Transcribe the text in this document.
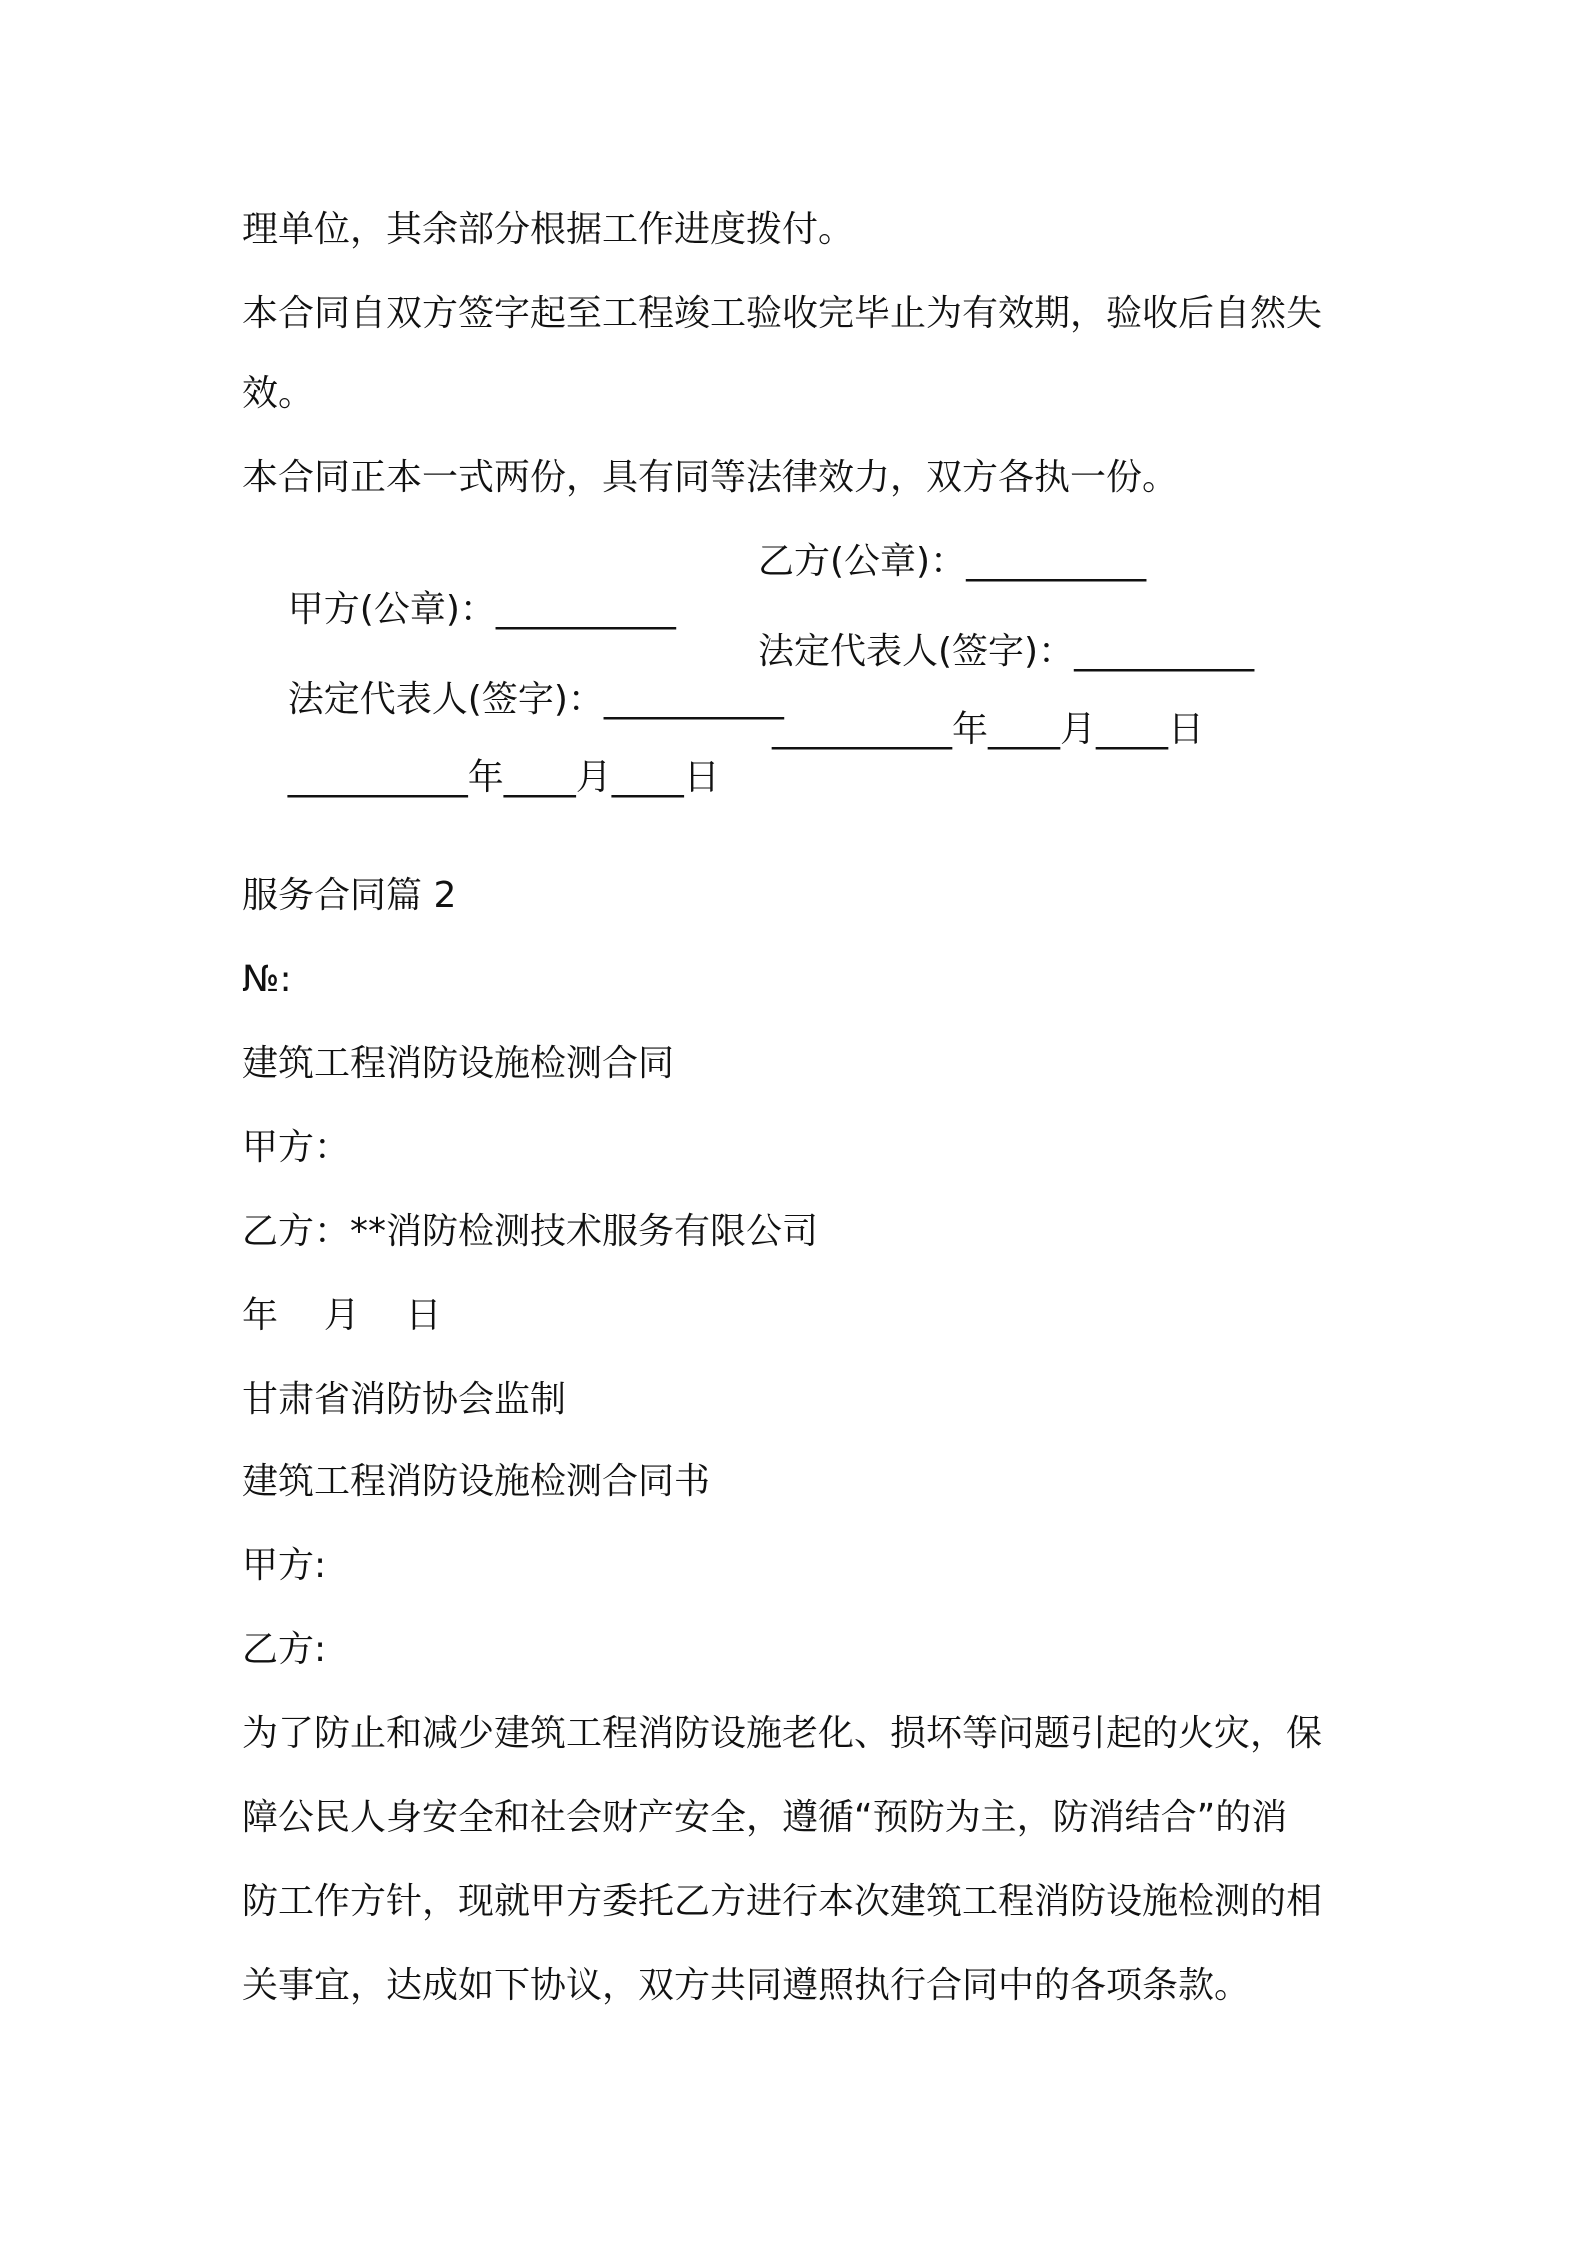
理单位，其余部分根据工作进度拨付。
本合同自双方签字起至工程竣工验收完毕止为有效期，验收后自然失
效。
本合同正本一式两份，具有同等法律效力，双方各执一份。

甲方(公章)：__________

乙方(公章)：__________

法定代表人(签字)：__________

法定代表人(签字)：__________

__________年____月____日

__________年____月____日

服务合同篇 2
№:
建筑工程消防设施检测合同
甲方：
乙方：**消防检测技术服务有限公司
年    月    日
甘肃省消防协会监制
建筑工程消防设施检测合同书
甲方:
乙方:
为了防止和减少建筑工程消防设施老化、损坏等问题引起的火灾，保
障公民人身安全和社会财产安全，遵循“预防为主，防消结合”的消
防工作方针，现就甲方委托乙方进行本次建筑工程消防设施检测的相
关事宜，达成如下协议，双方共同遵照执行合同中的各项条款。
